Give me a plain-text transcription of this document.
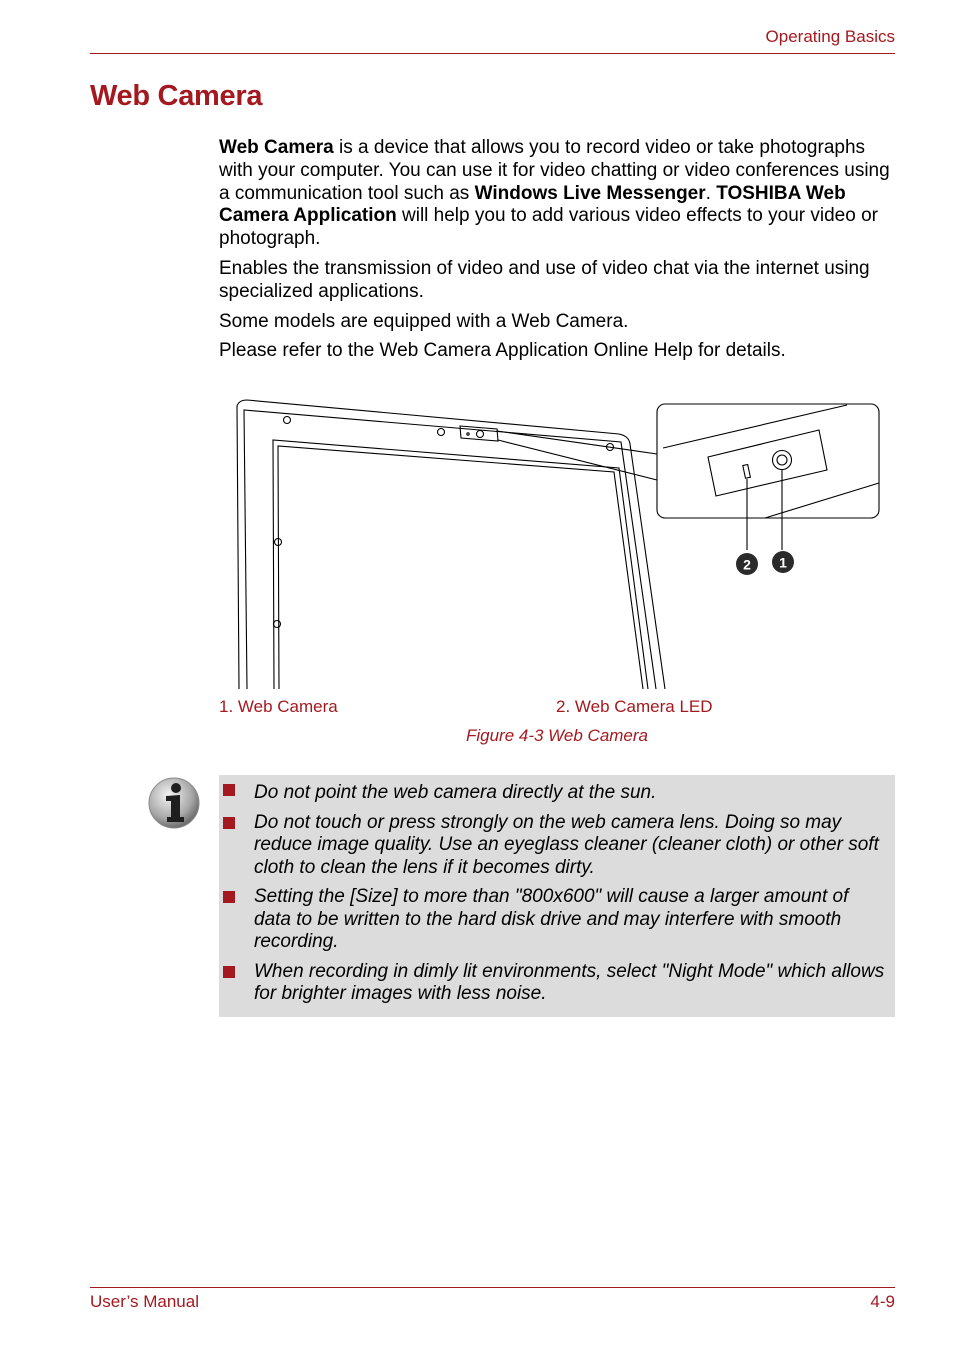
Operating Basics
Web Camera

Web Camera is a device that allows you to record video or take photographs with your computer. You can use it for video chatting or video conferences using a communication tool such as Windows Live Messenger. TOSHIBA Web Camera Application will help you to add various video effects to your video or photograph.

Enables the transmission of video and use of video chat via the internet using specialized applications.

Some models are equipped with a Web Camera.

Please refer to the Web Camera Application Online Help for details.

2 1
1. Web Camera	2. Web Camera LED
Figure 4-3 Web Camera
Do not point the web camera directly at the sun.
Do not touch or press strongly on the web camera lens. Doing so may reduce image quality. Use an eyeglass cleaner (cleaner cloth) or other soft cloth to clean the lens if it becomes dirty.
Setting the [Size] to more than "800x600" will cause a larger amount of data to be written to the hard disk drive and may interfere with smooth recording.
When recording in dimly lit environments, select "Night Mode" which allows for brighter images with less noise.
User’s Manual	4-9
